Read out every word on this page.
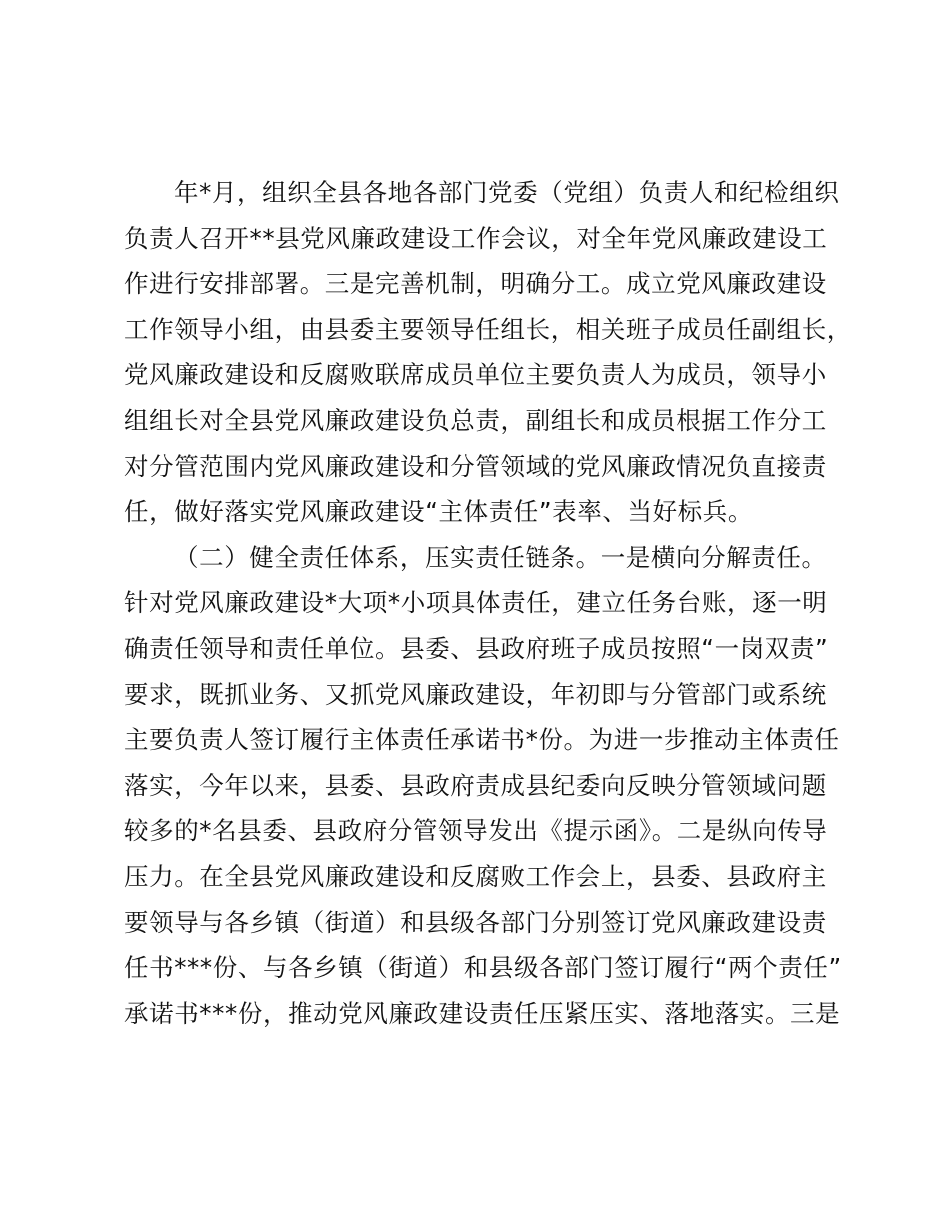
年*月，组织全县各地各部门党委（党组）负责人和纪检组织
负责人召开**县党风廉政建设工作会议，对全年党风廉政建设工
作进行安排部署。三是完善机制，明确分工。成立党风廉政建设
工作领导小组，由县委主要领导任组长，相关班子成员任副组长，
党风廉政建设和反腐败联席成员单位主要负责人为成员，领导小
组组长对全县党风廉政建设负总责，副组长和成员根据工作分工
对分管范围内党风廉政建设和分管领域的党风廉政情况负直接责
任，做好落实党风廉政建设“主体责任”表率、当好标兵。
（二）健全责任体系，压实责任链条。一是横向分解责任。
针对党风廉政建设*大项*小项具体责任，建立任务台账，逐一明
确责任领导和责任单位。县委、县政府班子成员按照“一岗双责”
要求，既抓业务、又抓党风廉政建设，年初即与分管部门或系统
主要负责人签订履行主体责任承诺书*份。为进一步推动主体责任
落实，今年以来，县委、县政府责成县纪委向反映分管领域问题
较多的*名县委、县政府分管领导发出《提示函》。二是纵向传导
压力。在全县党风廉政建设和反腐败工作会上，县委、县政府主
要领导与各乡镇（街道）和县级各部门分别签订党风廉政建设责
任书***份、与各乡镇（街道）和县级各部门签订履行“两个责任”
承诺书***份，推动党风廉政建设责任压紧压实、落地落实。三是
